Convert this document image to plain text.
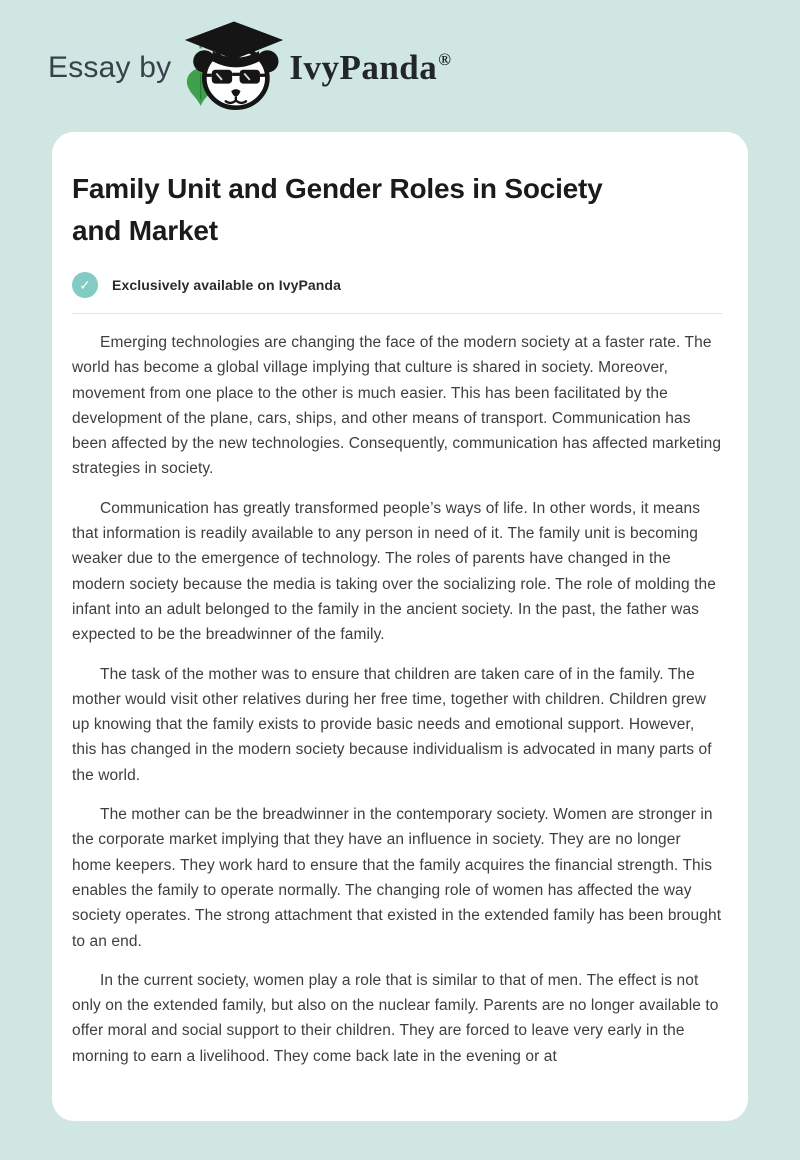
Essay by	IvyPanda®
Family Unit and Gender Roles in Society
and Market
✓	Exclusively available on IvyPanda

Emerging technologies are changing the face of the modern society at a faster rate. The world has become a global village implying that culture is shared in society. Moreover, movement from one place to the other is much easier. This has been facilitated by the development of the plane, cars, ships, and other means of transport. Communication has been affected by the new technologies. Consequently, communication has affected marketing strategies in society.

Communication has greatly transformed people’s ways of life. In other words, it means that information is readily available to any person in need of it. The family unit is becoming weaker due to the emergence of technology. The roles of parents have changed in the modern society because the media is taking over the socializing role. The role of molding the infant into an adult belonged to the family in the ancient society. In the past, the father was expected to be the breadwinner of the family.

The task of the mother was to ensure that children are taken care of in the family. The mother would visit other relatives during her free time, together with children. Children grew up knowing that the family exists to provide basic needs and emotional support. However, this has changed in the modern society because individualism is advocated in many parts of the world.

The mother can be the breadwinner in the contemporary society. Women are stronger in the corporate market implying that they have an influence in society. They are no longer home keepers. They work hard to ensure that the family acquires the financial strength. This enables the family to operate normally. The changing role of women has affected the way society operates. The strong attachment that existed in the extended family has been brought to an end.

In the current society, women play a role that is similar to that of men. The effect is not only on the extended family, but also on the nuclear family. Parents are no longer available to offer moral and social support to their children. They are forced to leave very early in the morning to earn a livelihood. They come back late in the evening or at
